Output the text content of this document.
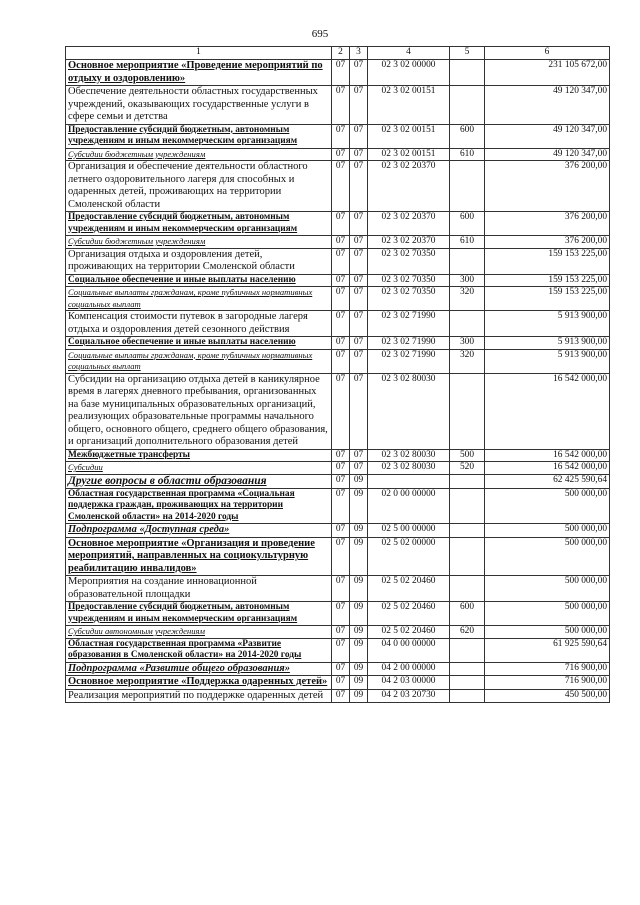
695
1	2	3	4	5	6
Основное мероприятие «Проведение мероприятий по отдыху и оздоровлению»	07	07	02 3 02 00000		231 105 672,00
Обеспечение деятельности областных государственных учреждений, оказывающих государственные услуги в сфере семьи и детства	07	07	02 3 02 00151		49 120 347,00
Предоставление субсидий бюджетным, автономным учреждениям и иным некоммерческим организациям	07	07	02 3 02 00151	600	49 120 347,00
Субсидии бюджетным учреждениям	07	07	02 3 02 00151	610	49 120 347,00
Организация и обеспечение деятельности областного летнего оздоровительного лагеря для способных и одаренных детей, проживающих на территории Смоленской области	07	07	02 3 02 20370		376 200,00
Предоставление субсидий бюджетным, автономным учреждениям и иным некоммерческим организациям	07	07	02 3 02 20370	600	376 200,00
Субсидии бюджетным учреждениям	07	07	02 3 02 20370	610	376 200,00
Организация отдыха и оздоровления детей, проживающих на территории Смоленской области	07	07	02 3 02 70350		159 153 225,00
Социальное обеспечение и иные выплаты населению	07	07	02 3 02 70350	300	159 153 225,00
Социальные выплаты гражданам, кроме публичных нормативных социальных выплат	07	07	02 3 02 70350	320	159 153 225,00
Компенсация стоимости путевок в загородные лагеря отдыха и оздоровления детей сезонного действия	07	07	02 3 02 71990		5 913 900,00
Социальное обеспечение и иные выплаты населению	07	07	02 3 02 71990	300	5 913 900,00
Социальные выплаты гражданам, кроме публичных нормативных социальных выплат	07	07	02 3 02 71990	320	5 913 900,00
Субсидии на организацию отдыха детей в каникулярное время в лагерях дневного пребывания, организованных на базе муниципальных образовательных организаций, реализующих образовательные программы начального общего, основного общего, среднего общего образования, и организаций дополнительного образования детей	07	07	02 3 02 80030		16 542 000,00
Межбюджетные трансферты	07	07	02 3 02 80030	500	16 542 000,00
Субсидии	07	07	02 3 02 80030	520	16 542 000,00
Другие вопросы в области образования	07	09			62 425 590,64
Областная государственная программа «Социальная поддержка граждан, проживающих на территории Смоленской области» на 2014-2020 годы	07	09	02 0 00 00000		500 000,00
Подпрограмма «Доступная среда»	07	09	02 5 00 00000		500 000,00
Основное мероприятие «Организация и проведение мероприятий, направленных на социокультурную реабилитацию инвалидов»	07	09	02 5 02 00000		500 000,00
Мероприятия на создание инновационной образовательной площадки	07	09	02 5 02 20460		500 000,00
Предоставление субсидий бюджетным, автономным учреждениям и иным некоммерческим организациям	07	09	02 5 02 20460	600	500 000,00
Субсидии автономным учреждениям	07	09	02 5 02 20460	620	500 000,00
Областная государственная программа «Развитие образования в Смоленской области» на 2014-2020 годы	07	09	04 0 00 00000		61 925 590,64
Подпрограмма «Развитие общего образования»	07	09	04 2 00 00000		716 900,00
Основное мероприятие «Поддержка одаренных детей»	07	09	04 2 03 00000		716 900,00
Реализация мероприятий по поддержке одаренных детей	07	09	04 2 03 20730		450 500,00
